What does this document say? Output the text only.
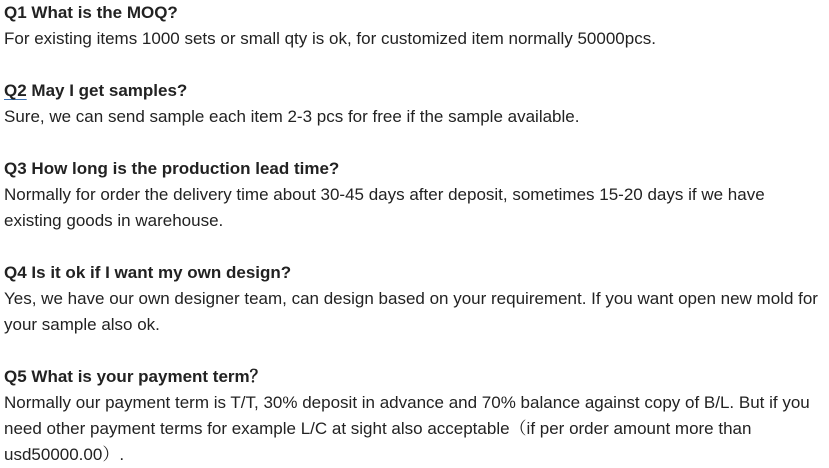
Q1 What is the MOQ?

For existing items 1000 sets or small qty is ok, for customized item normally 50000pcs.

Q2 May I get samples?

Sure, we can send sample each item 2-3 pcs for free if the sample available.

Q3 How long is the production lead time?

Normally for order the delivery time about 30-45 days after deposit, sometimes 15-20 days if we have existing goods in warehouse.

Q4 Is it ok if I want my own design?

Yes, we have our own designer team, can design based on your requirement. If you want open new mold for your sample also ok.

Q5 What is your payment term？

Normally our payment term is T/T, 30% deposit in advance and 70% balance against copy of B/L. But if you need other payment terms for example L/C at sight also acceptable（if per order amount more than usd50000.00）.
